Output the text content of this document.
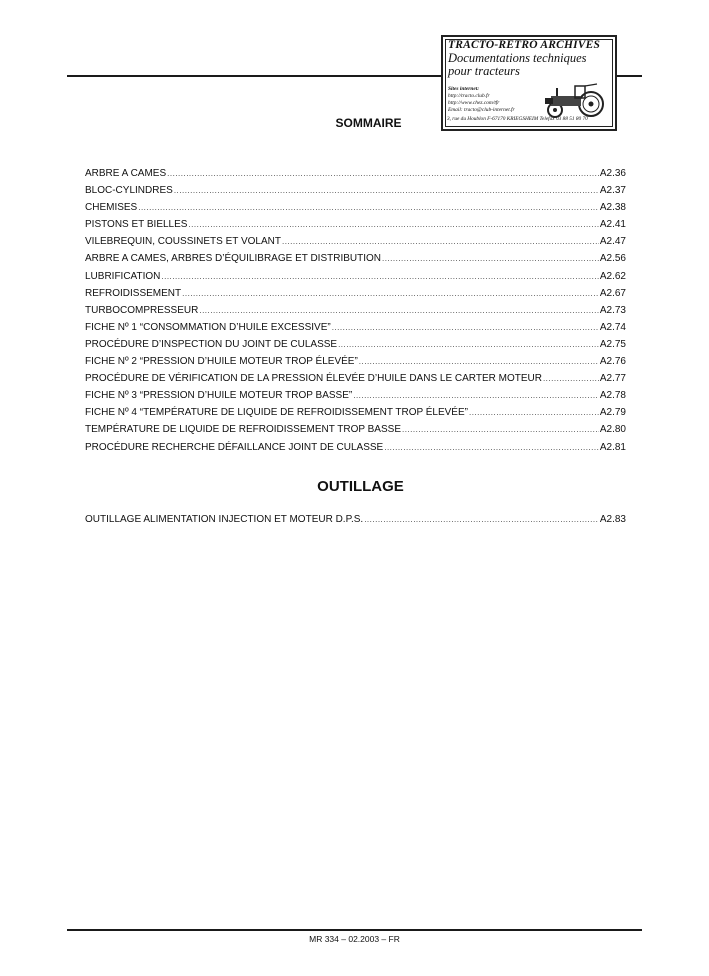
TRACTO-RETRO ARCHIVES
Documentations techniques
pour tracteurs
Sites internet:
http://tracto.club.fr
http://www.chez.com/tfr
Email: tracto@club-internet.fr
3, rue du Houblon F-67170 KRIEGSHEIM Telefax 03 88 51 80 70
SOMMAIRE
ARBRE A CAMES .....	A2.36
BLOC-CYLINDRES .....	A2.37
CHEMISES .....	A2.38
PISTONS ET BIELLES .....	A2.41
VILEBREQUIN, COUSSINETS ET VOLANT .....	A2.47
ARBRE A CAMES, ARBRES D’ÉQUILIBRAGE ET DISTRIBUTION .....	A2.56
LUBRIFICATION .....	A2.62
REFROIDISSEMENT .....	A2.67
TURBOCOMPRESSEUR .....	A2.73
FICHE Nº 1 “CONSOMMATION D’HUILE EXCESSIVE” .....	A2.74
PROCÉDURE D’INSPECTION DU JOINT DE CULASSE .....	A2.75
FICHE Nº 2 “PRESSION D’HUILE MOTEUR TROP ÉLEVÉE” .....	A2.76
PROCÉDURE DE VÉRIFICATION DE LA PRESSION ÉLEVÉE D’HUILE DANS LE CARTER MOTEUR .....	A2.77
FICHE Nº 3 “PRESSION D’HUILE MOTEUR TROP BASSE” .....	A2.78
FICHE Nº 4 “TEMPÉRATURE DE LIQUIDE DE REFROIDISSEMENT TROP ÉLEVÉE” .....	A2.79
TEMPÉRATURE DE LIQUIDE DE REFROIDISSEMENT TROP BASSE .....	A2.80
PROCÉDURE RECHERCHE DÉFAILLANCE JOINT DE CULASSE .....	A2.81
OUTILLAGE
OUTILLAGE ALIMENTATION INJECTION ET MOTEUR D.P.S. .....	A2.83
MR 334 – 02.2003 – FR
